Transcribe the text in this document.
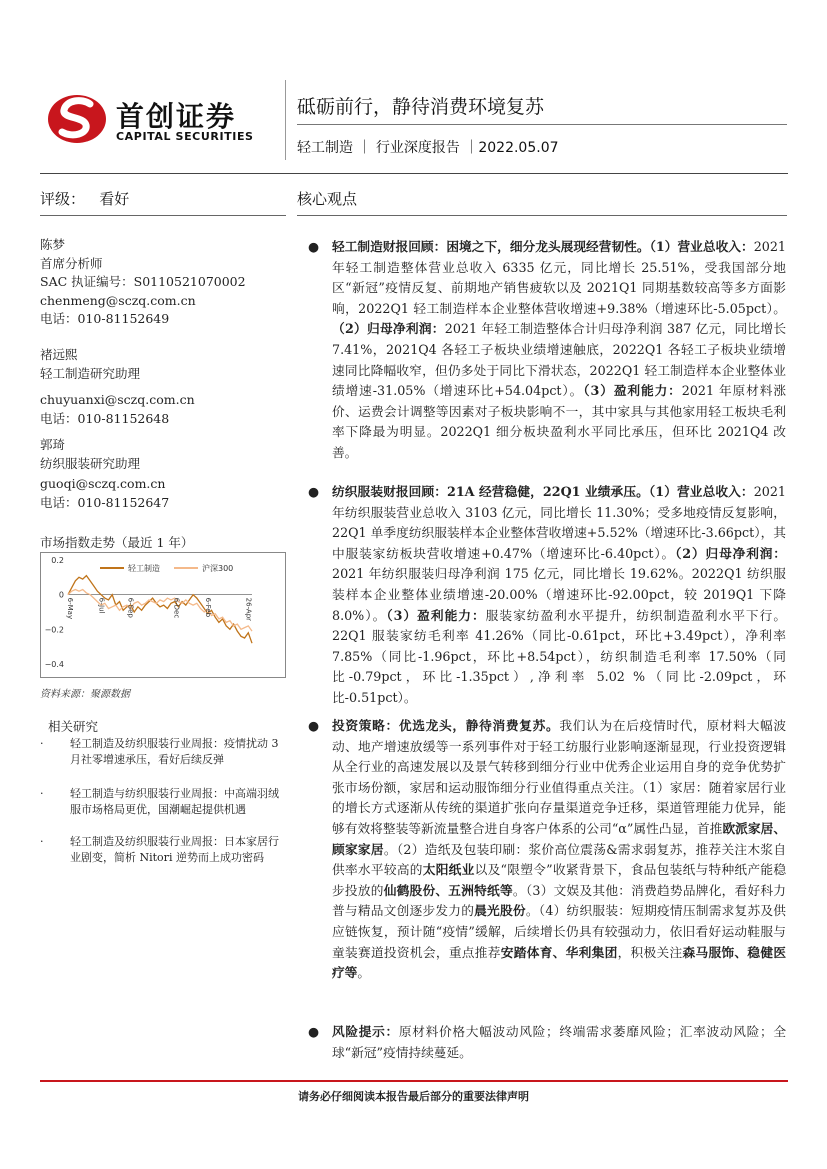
首创证券
CAPITAL SECURITIES
砥砺前行，静待消费环境复苏
轻工制造 ｜ 行业深度报告 ｜2022.05.07
评级：   看好	核心观点
陈梦
首席分析师
SAC 执证编号：S0110521070002
chenmeng@sczq.com.cn
电话：010-81152649
褚远熙
轻工制造研究助理
chuyuanxi@sczq.com.cn
电话：010-81152648
郭琦
纺织服装研究助理
guoqi@sczq.com.cn
电话：010-81152647
市场指数走势（最近 1 年）
0.2
0
−0.2
−0.4
6-May	6-Jul	6-Sep	6-Dec	6-Feb	26-Apr
轻工制造	沪深300
资料来源：聚源数据
相关研究
·	轻工制造及纺织服装行业周报：疫情扰动 3 月社零增速承压，看好后续反弹
·	轻工制造与纺织服装行业周报：中高端羽绒服市场格局更优，国潮崛起提供机遇
·	轻工制造及纺织服装行业周报：日本家居行业剧变，简析 Nitori 逆势而上成功密码
●	轻工制造财报回顾：困境之下，细分龙头展现经营韧性。（1）营业总收入：2021 年轻工制造整体营业总收入 6335 亿元，同比增长 25.51%，受我国部分地区“新冠”疫情反复、前期地产销售疲软以及 2021Q1 同期基数较高等多方面影响，2022Q1 轻工制造样本企业整体营收增速+9.38%（增速环比-5.05pct）。（2）归母净利润：2021 年轻工制造整体合计归母净利润 387 亿元，同比增长 7.41%，2021Q4 各轻工子板块业绩增速触底，2022Q1 各轻工子板块业绩增速同比降幅收窄，但仍多处于同比下滑状态，2022Q1 轻工制造样本企业整体业绩增速-31.05%（增速环比+54.04pct）。（3）盈利能力：2021 年原材料涨价、运费会计调整等因素对子板块影响不一，其中家具与其他家用轻工板块毛利率下降最为明显。2022Q1 细分板块盈利水平同比承压，但环比 2021Q4 改善。
●	纺织服装财报回顾：21A 经营稳健，22Q1 业绩承压。（1）营业总收入：2021 年纺织服装营业总收入 3103 亿元，同比增长 11.30%；受多地疫情反复影响，22Q1 单季度纺织服装样本企业整体营收增速+5.52%（增速环比-3.66pct），其中服装家纺板块营收增速+0.47%（增速环比-6.40pct）。（2）归母净利润：2021 年纺织服装归母净利润 175 亿元，同比增长 19.62%。2022Q1 纺织服装样本企业整体业绩增速-20.00%（增速环比-92.00pct，较 2019Q1 下降 8.0%）。（3）盈利能力：服装家纺盈利水平提升，纺织制造盈利水平下行。22Q1 服装家纺毛利率 41.26%（同比-0.61pct，环比+3.49pct），净利率 7.85%（同比-1.96pct，环比+8.54pct），纺织制造毛利率 17.50%（同比-0.79pct，环比-1.35pct）,净利率 5.02 %（同比-2.09pct，环比-0.51pct）。
●	投资策略：优选龙头，静待消费复苏。我们认为在后疫情时代，原材料大幅波动、地产增速放缓等一系列事件对于轻工纺服行业影响逐渐显现，行业投资逻辑从全行业的高速发展以及景气转移到细分行业中优秀企业运用自身的竞争优势扩张市场份额，家居和运动服饰细分行业值得重点关注。（1）家居：随着家居行业的增长方式逐渐从传统的渠道扩张向存量渠道竞争迁移，渠道管理能力优异，能够有效将整装等新流量整合进自身客户体系的公司“α”属性凸显，首推欧派家居、顾家家居。（2）造纸及包装印刷：浆价高位震荡&需求弱复苏，推荐关注木浆自供率水平较高的太阳纸业以及“限塑令”收紧背景下，食品包装纸与特种纸产能稳步投放的仙鹤股份、五洲特纸等。（3）文娱及其他：消费趋势品牌化，看好科力普与精品文创逐步发力的晨光股份。（4）纺织服装：短期疫情压制需求复苏及供应链恢复，预计随“疫情”缓解，后续增长仍具有较强动力，依旧看好运动鞋服与童装赛道投资机会，重点推荐安踏体育、华利集团，积极关注森马服饰、稳健医疗等。
●	风险提示：原材料价格大幅波动风险；终端需求萎靡风险；汇率波动风险；全球“新冠”疫情持续蔓延。
请务必仔细阅读本报告最后部分的重要法律声明
